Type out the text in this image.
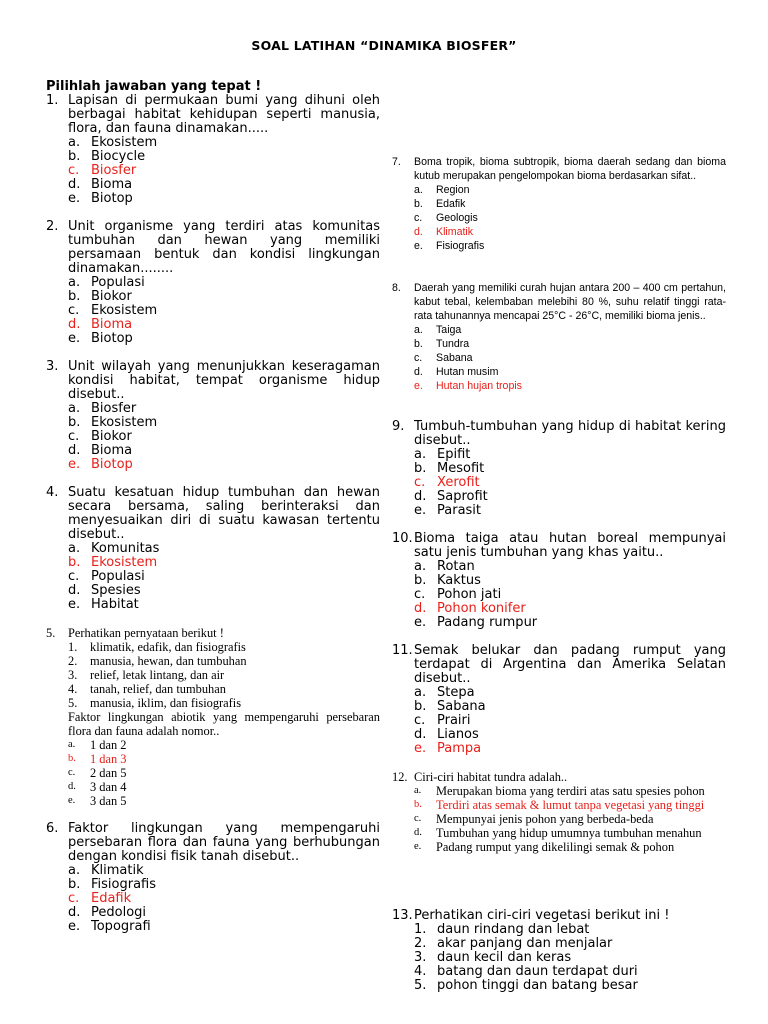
SOAL LATIHAN “DINAMIKA BIOSFER”
Pilihlah jawaban yang tepat !
1. Lapisan di permukaan bumi yang dihuni oleh berbagai habitat kehidupan seperti manusia, flora, dan fauna dinamakan.....
a. Ekosistem
b. Biocycle
c. Biosfer
d. Bioma
e. Biotop
2. Unit organisme yang terdiri atas komunitas tumbuhan dan hewan yang memiliki persamaan bentuk dan kondisi lingkungan dinamakan........
a. Populasi
b. Biokor
c. Ekosistem
d. Bioma
e. Biotop
3. Unit wilayah yang menunjukkan keseragaman kondisi habitat, tempat organisme hidup disebut..
a. Biosfer
b. Ekosistem
c. Biokor
d. Bioma
e. Biotop
4. Suatu kesatuan hidup tumbuhan dan hewan secara bersama, saling berinteraksi dan menyesuaikan diri di suatu kawasan tertentu disebut..
a. Komunitas
b. Ekosistem
c. Populasi
d. Spesies
e. Habitat
5.	Perhatikan pernyataan berikut !
1.	klimatik, edafik, dan fisiografis
2.	manusia, hewan, dan tumbuhan
3.	relief, letak lintang, dan air
4.	tanah, relief, dan tumbuhan
5.	manusia, iklim, dan fisiografis
Faktor lingkungan abiotik yang mempengaruhi persebaran flora dan fauna adalah nomor..
a.	1 dan 2
b.	1 dan 3
c.	2 dan 5
d.	3 dan 4
e.	3 dan 5
6. Faktor lingkungan yang mempengaruhi persebaran flora dan fauna yang berhubungan dengan kondisi fisik tanah disebut..
a. Klimatik
b. Fisiografis
c. Edafik
d. Pedologi
e. Topografi
7.	Boma tropik, bioma subtropik, bioma daerah sedang dan bioma kutub merupakan pengelompokan bioma berdasarkan sifat..
a.	Region
b.	Edafik
c.	Geologis
d.	Klimatik
e.	Fisiografis
8.	Daerah yang memiliki curah hujan antara 200 – 400 cm pertahun, kabut tebal, kelembaban melebihi 80 %, suhu relatif tinggi rata-rata tahunannya mencapai 25°C - 26°C, memiliki bioma jenis..
a.	Taiga
b.	Tundra
c.	Sabana
d.	Hutan musim
e.	Hutan hujan tropis
9. Tumbuh-tumbuhan yang hidup di habitat kering disebut..
a. Epifit
b. Mesofit
c. Xerofit
d. Saprofit
e. Parasit
10. Bioma taiga atau hutan boreal mempunyai satu jenis tumbuhan yang khas yaitu..
a. Rotan
b. Kaktus
c. Pohon jati
d. Pohon konifer
e. Padang rumpur
11. Semak belukar dan padang rumput yang terdapat di Argentina dan Amerika Selatan disebut..
a. Stepa
b. Sabana
c. Prairi
d. Lianos
e. Pampa
12. Ciri-ciri habitat tundra adalah..
a.	Merupakan bioma yang terdiri atas satu spesies pohon
b.	Terdiri atas semak & lumut tanpa vegetasi yang tinggi
c.	Mempunyai jenis pohon yang berbeda-beda
d.	Tumbuhan yang hidup umumnya tumbuhan menahun
e.	Padang rumput yang dikelilingi semak & pohon
13. Perhatikan ciri-ciri vegetasi berikut ini !
1. daun rindang dan lebat
2. akar panjang dan menjalar
3. daun kecil dan keras
4. batang dan daun terdapat duri
5. pohon tinggi dan batang besar
